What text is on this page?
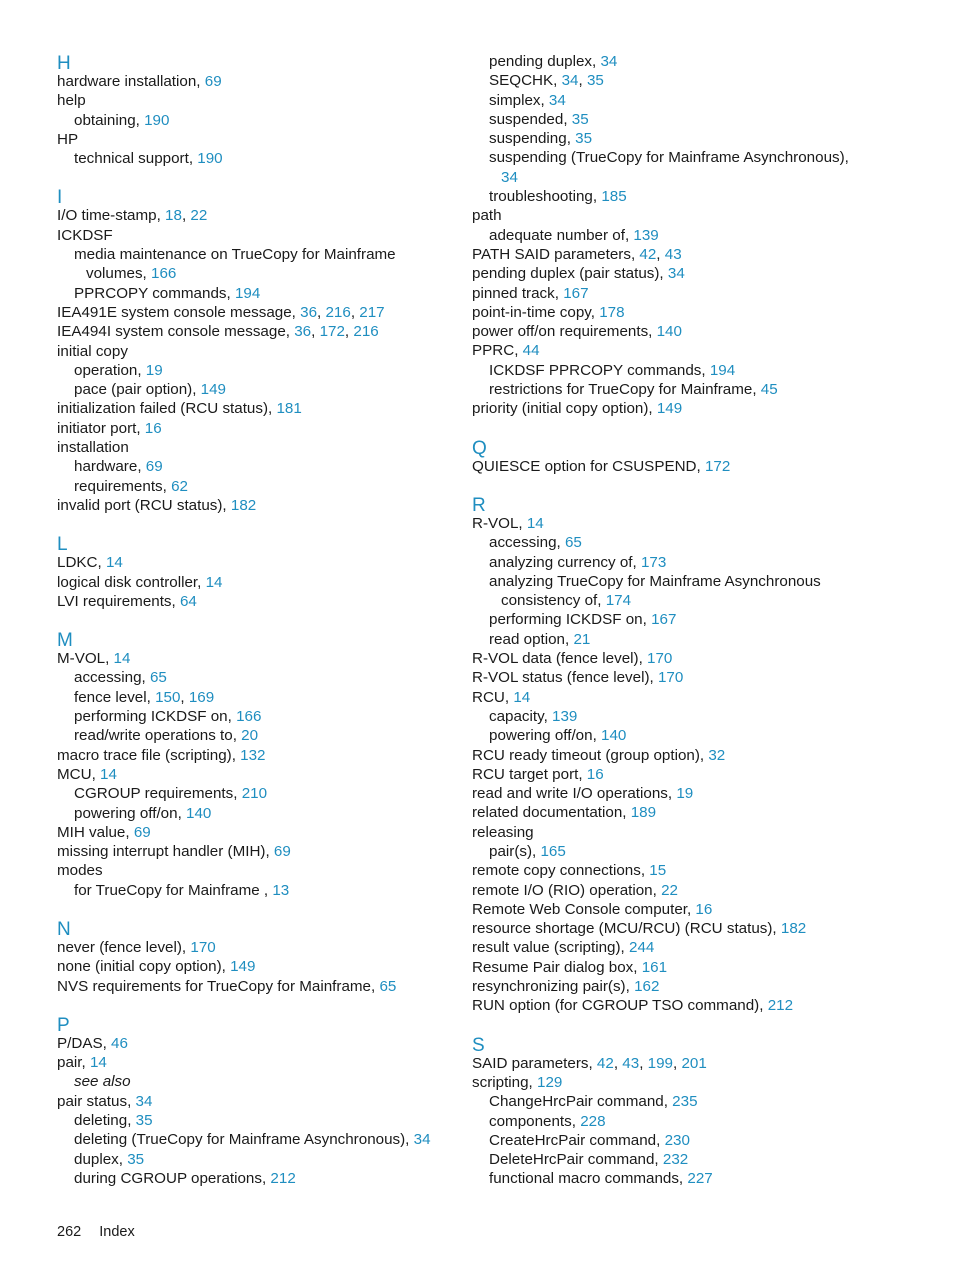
H
hardware installation, 69
help
obtaining, 190
HP
technical support, 190
I
I/O time-stamp, 18, 22
ICKDSF
media maintenance on TrueCopy for Mainframe
volumes, 166
PPRCOPY commands, 194
IEA491E system console message, 36, 216, 217
IEA494I system console message, 36, 172, 216
initial copy
operation, 19
pace (pair option), 149
initialization failed (RCU status), 181
initiator port, 16
installation
hardware, 69
requirements, 62
invalid port (RCU status), 182
L
LDKC, 14
logical disk controller, 14
LVI requirements, 64
M
M-VOL, 14
accessing, 65
fence level, 150, 169
performing ICKDSF on, 166
read/write operations to, 20
macro trace file (scripting), 132
MCU, 14
CGROUP requirements, 210
powering off/on, 140
MIH value, 69
missing interrupt handler (MIH), 69
modes
for TrueCopy for Mainframe , 13
N
never (fence level), 170
none (initial copy option), 149
NVS requirements for TrueCopy for Mainframe, 65
P
P/DAS, 46
pair, 14
see also
pair status, 34
deleting, 35
deleting (TrueCopy for Mainframe Asynchronous), 34
duplex, 35
during CGROUP operations, 212
pending duplex, 34
SEQCHK, 34, 35
simplex, 34
suspended, 35
suspending, 35
suspending (TrueCopy for Mainframe Asynchronous),
34
troubleshooting, 185
path
adequate number of, 139
PATH SAID parameters, 42, 43
pending duplex (pair status), 34
pinned track, 167
point-in-time copy, 178
power off/on requirements, 140
PPRC, 44
ICKDSF PPRCOPY commands, 194
restrictions for TrueCopy for Mainframe, 45
priority (initial copy option), 149
Q
QUIESCE option for CSUSPEND, 172
R
R-VOL, 14
accessing, 65
analyzing currency of, 173
analyzing TrueCopy for Mainframe Asynchronous
consistency of, 174
performing ICKDSF on, 167
read option, 21
R-VOL data (fence level), 170
R-VOL status (fence level), 170
RCU, 14
capacity, 139
powering off/on, 140
RCU ready timeout (group option), 32
RCU target port, 16
read and write I/O operations, 19
related documentation, 189
releasing
pair(s), 165
remote copy connections, 15
remote I/O (RIO) operation, 22
Remote Web Console computer, 16
resource shortage (MCU/RCU) (RCU status), 182
result value (scripting), 244
Resume Pair dialog box, 161
resynchronizing pair(s), 162
RUN option (for CGROUP TSO command), 212
S
SAID parameters, 42, 43, 199, 201
scripting, 129
ChangeHrcPair command, 235
components, 228
CreateHrcPair command, 230
DeleteHrcPair command, 232
functional macro commands, 227
262 Index
